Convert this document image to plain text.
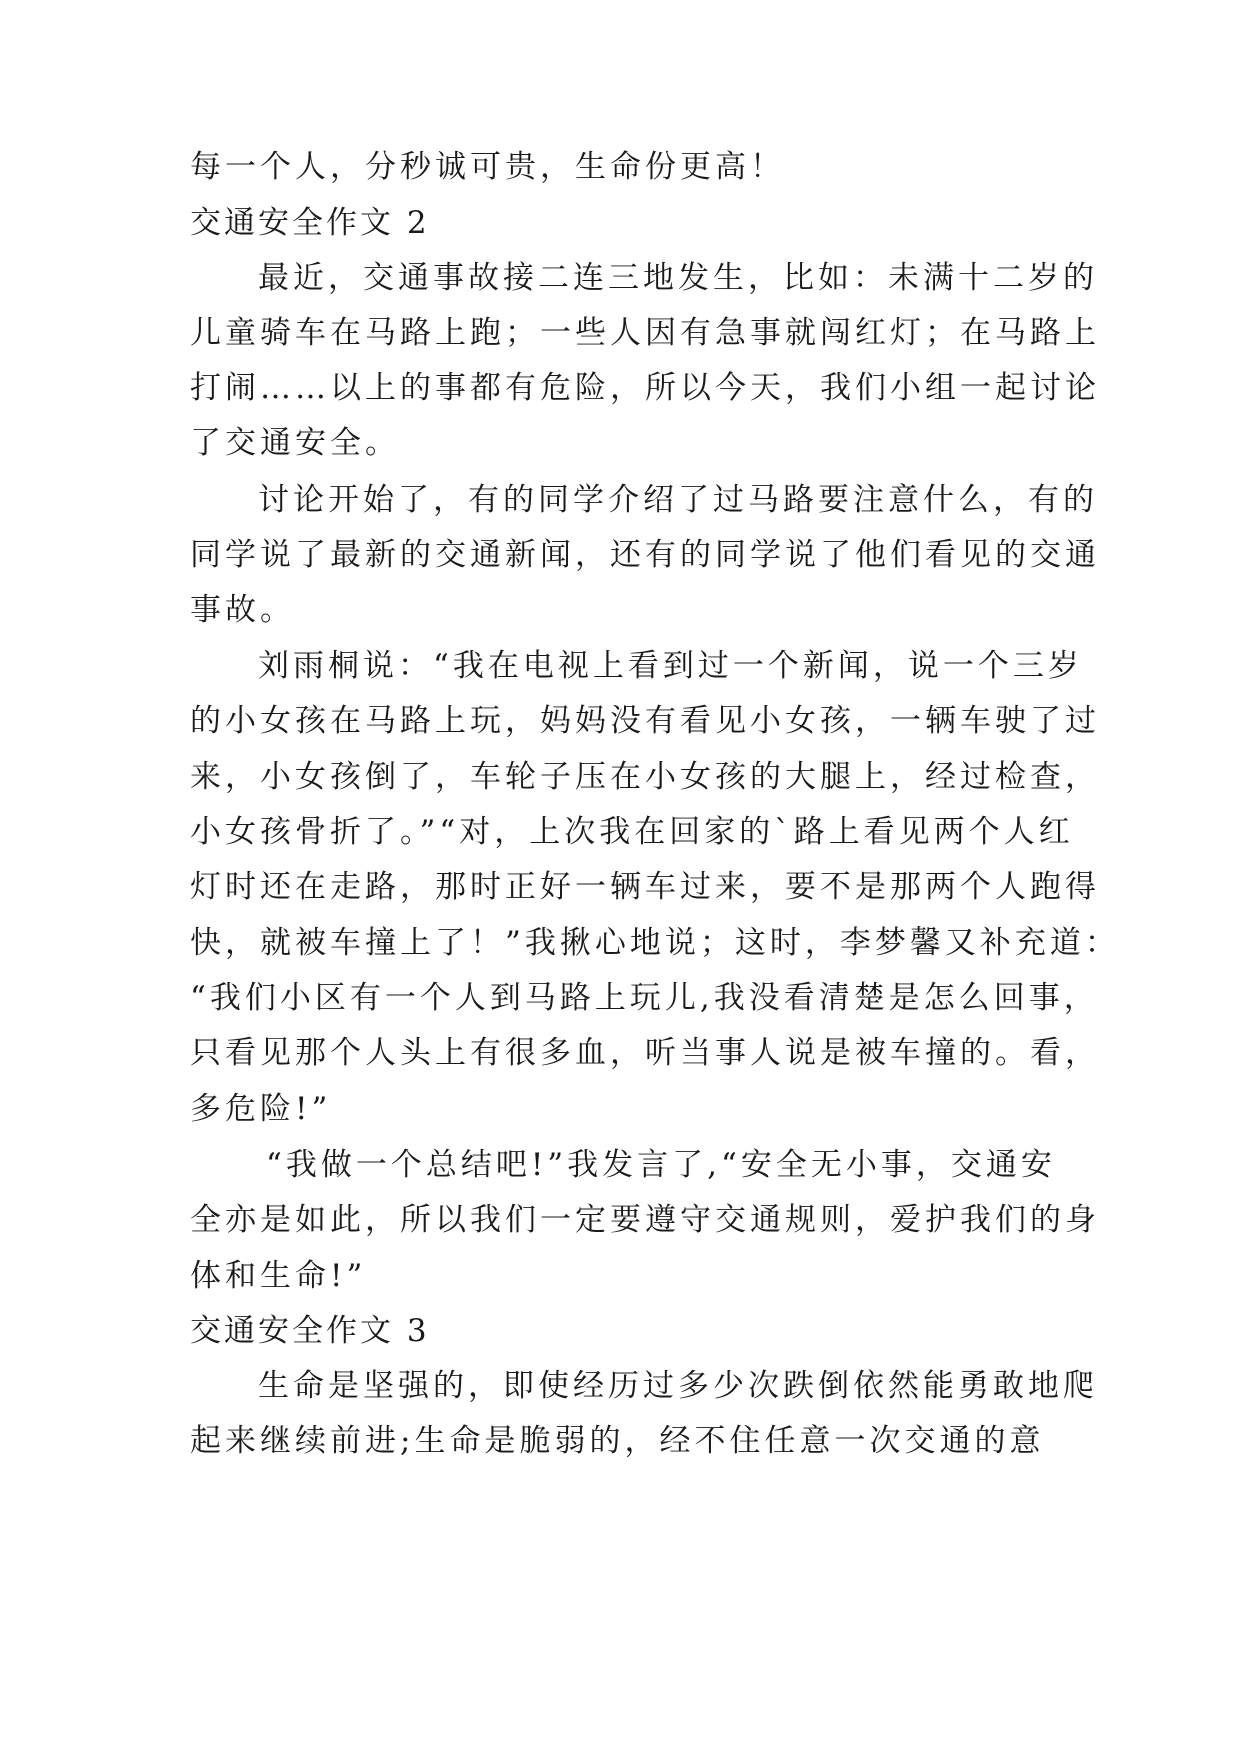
每一个人，分秒诚可贵，生命份更高！
交通安全作文 2
最近，交通事故接二连三地发生，比如：未满十二岁的
儿童骑车在马路上跑；一些人因有急事就闯红灯；在马路上
打闹……以上的事都有危险，所以今天，我们小组一起讨论
了交通安全。
讨论开始了，有的同学介绍了过马路要注意什么，有的
同学说了最新的交通新闻，还有的同学说了他们看见的交通
事故。
刘雨桐说：“我在电视上看到过一个新闻，说一个三岁
的小女孩在马路上玩，妈妈没有看见小女孩，一辆车驶了过
来，小女孩倒了，车轮子压在小女孩的大腿上，经过检查，
小女孩骨折了。”“对，上次我在回家的`路上看见两个人红
灯时还在走路，那时正好一辆车过来，要不是那两个人跑得
快，就被车撞上了！”我揪心地说；这时，李梦馨又补充道：
“我们小区有一个人到马路上玩儿,我没看清楚是怎么回事，
只看见那个人头上有很多血，听当事人说是被车撞的。看，
多危险!”
“我做一个总结吧!”我发言了,“安全无小事，交通安
全亦是如此，所以我们一定要遵守交通规则，爱护我们的身
体和生命!”
交通安全作文 3
生命是坚强的，即使经历过多少次跌倒依然能勇敢地爬
起来继续前进;生命是脆弱的，经不住任意一次交通的意
